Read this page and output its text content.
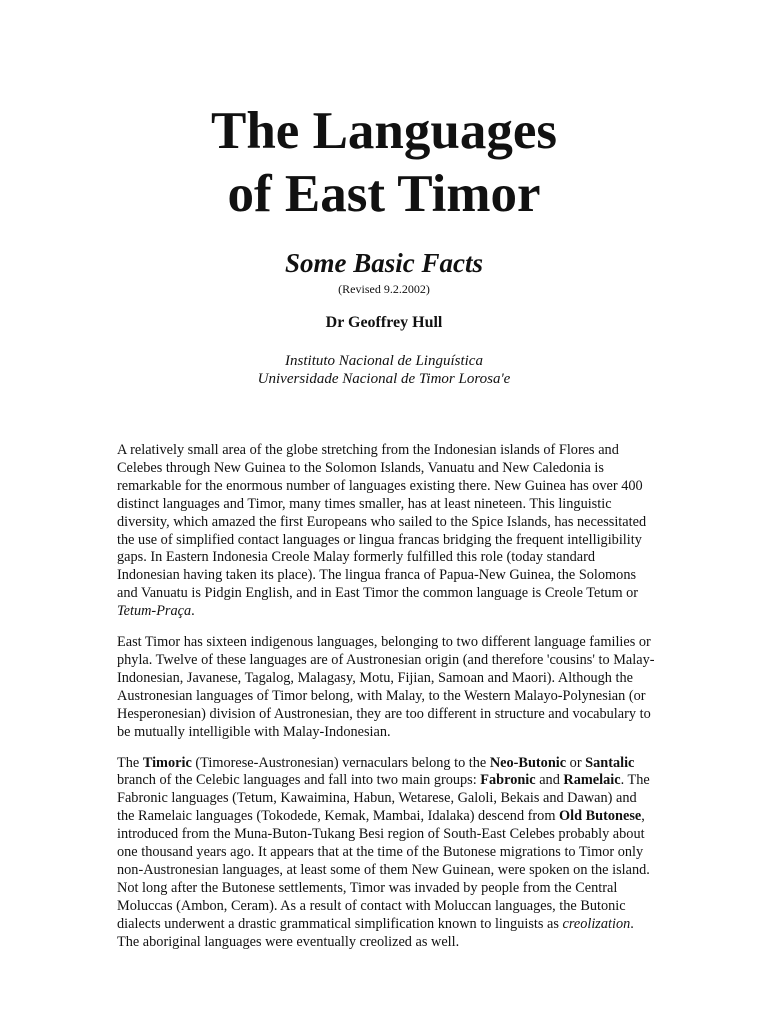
The Languages
of East Timor
Some Basic Facts
(Revised 9.2.2002)
Dr Geoffrey Hull
Instituto Nacional de Linguística
Universidade Nacional de Timor Lorosa'e

A relatively small area of the globe stretching from the Indonesian islands of Flores and Celebes through New Guinea to the Solomon Islands, Vanuatu and New Caledonia is remarkable for the enormous number of languages existing there. New Guinea has over 400 distinct languages and Timor, many times smaller, has at least nineteen. This linguistic diversity, which amazed the first Europeans who sailed to the Spice Islands, has necessitated the use of simplified contact languages or lingua francas bridging the frequent intelligibility gaps. In Eastern Indonesia Creole Malay formerly fulfilled this role (today standard Indonesian having taken its place). The lingua franca of Papua-New Guinea, the Solomons and Vanuatu is Pidgin English, and in East Timor the common language is Creole Tetum or Tetum-Praça.

East Timor has sixteen indigenous languages, belonging to two different language families or phyla. Twelve of these languages are of Austronesian origin (and therefore 'cousins' to Malay-Indonesian, Javanese, Tagalog, Malagasy, Motu, Fijian, Samoan and Maori). Although the Austronesian languages of Timor belong, with Malay, to the Western Malayo-Polynesian (or Hesperonesian) division of Austronesian, they are too different in structure and vocabulary to be mutually intelligible with Malay-Indonesian.

The Timoric (Timorese-Austronesian) vernaculars belong to the Neo-Butonic or Santalic branch of the Celebic languages and fall into two main groups: Fabronic and Ramelaic. The Fabronic languages (Tetum, Kawaimina, Habun, Wetarese, Galoli, Bekais and Dawan) and the Ramelaic languages (Tokodede, Kemak, Mambai, Idalaka) descend from Old Butonese, introduced from the Muna-Buton-Tukang Besi region of South-East Celebes probably about one thousand years ago. It appears that at the time of the Butonese migrations to Timor only non-Austronesian languages, at least some of them New Guinean, were spoken on the island. Not long after the Butonese settlements, Timor was invaded by people from the Central Moluccas (Ambon, Ceram). As a result of contact with Moluccan languages, the Butonic dialects underwent a drastic grammatical simplification known to linguists as creolization. The aboriginal languages were eventually creolized as well.
